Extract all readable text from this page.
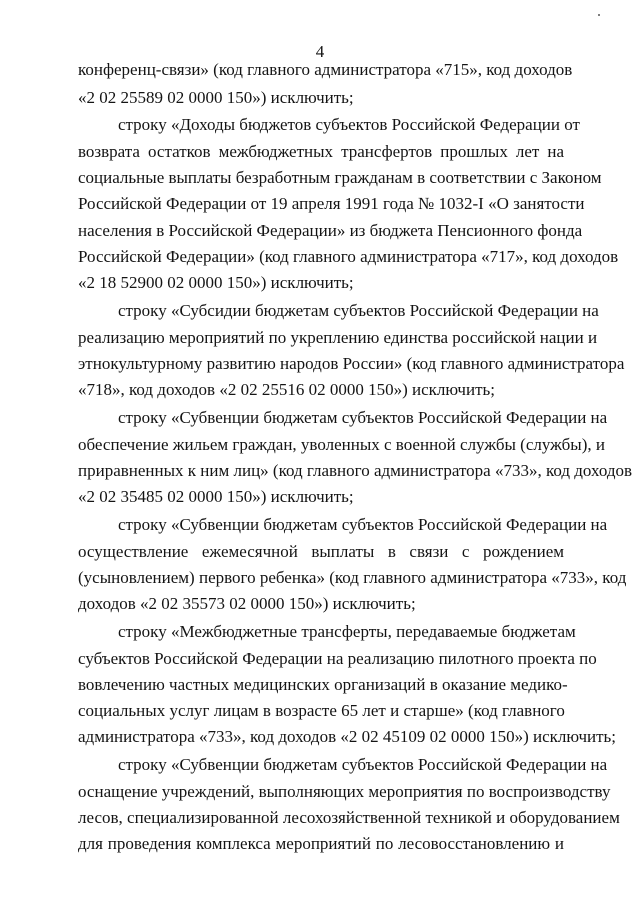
4
конференц-связи» (код главного администратора «715», код доходов
«2 02 25589 02 0000 150») исключить;
строку «Доходы бюджетов субъектов Российской Федерации от
возврата остатков межбюджетных трансфертов прошлых лет на
социальные выплаты безработным гражданам в соответствии с Законом
Российской Федерации от 19 апреля 1991 года № 1032-I «О занятости
населения в Российской Федерации» из бюджета Пенсионного фонда
Российской Федерации» (код главного администратора «717», код доходов
«2 18 52900 02 0000 150») исключить;
строку «Субсидии бюджетам субъектов Российской Федерации на
реализацию мероприятий по укреплению единства российской нации и
этнокультурному развитию народов России» (код главного администратора
«718», код доходов «2 02 25516 02 0000 150») исключить;
строку «Субвенции бюджетам субъектов Российской Федерации на
обеспечение жильем граждан, уволенных с военной службы (службы), и
приравненных к ним лиц» (код главного администратора «733», код доходов
«2 02 35485 02 0000 150») исключить;
строку «Субвенции бюджетам субъектов Российской Федерации на
осуществление ежемесячной выплаты в связи с рождением
(усыновлением) первого ребенка» (код главного администратора «733», код
доходов «2 02 35573 02 0000 150») исключить;
строку «Межбюджетные трансферты, передаваемые бюджетам
субъектов Российской Федерации на реализацию пилотного проекта по
вовлечению частных медицинских организаций в оказание медико-
социальных услуг лицам в возрасте 65 лет и старше» (код главного
администратора «733», код доходов «2 02 45109 02 0000 150») исключить;
строку «Субвенции бюджетам субъектов Российской Федерации на
оснащение учреждений, выполняющих мероприятия по воспроизводству
лесов, специализированной лесохозяйственной техникой и оборудованием
для проведения комплекса мероприятий по лесовосстановлению и
